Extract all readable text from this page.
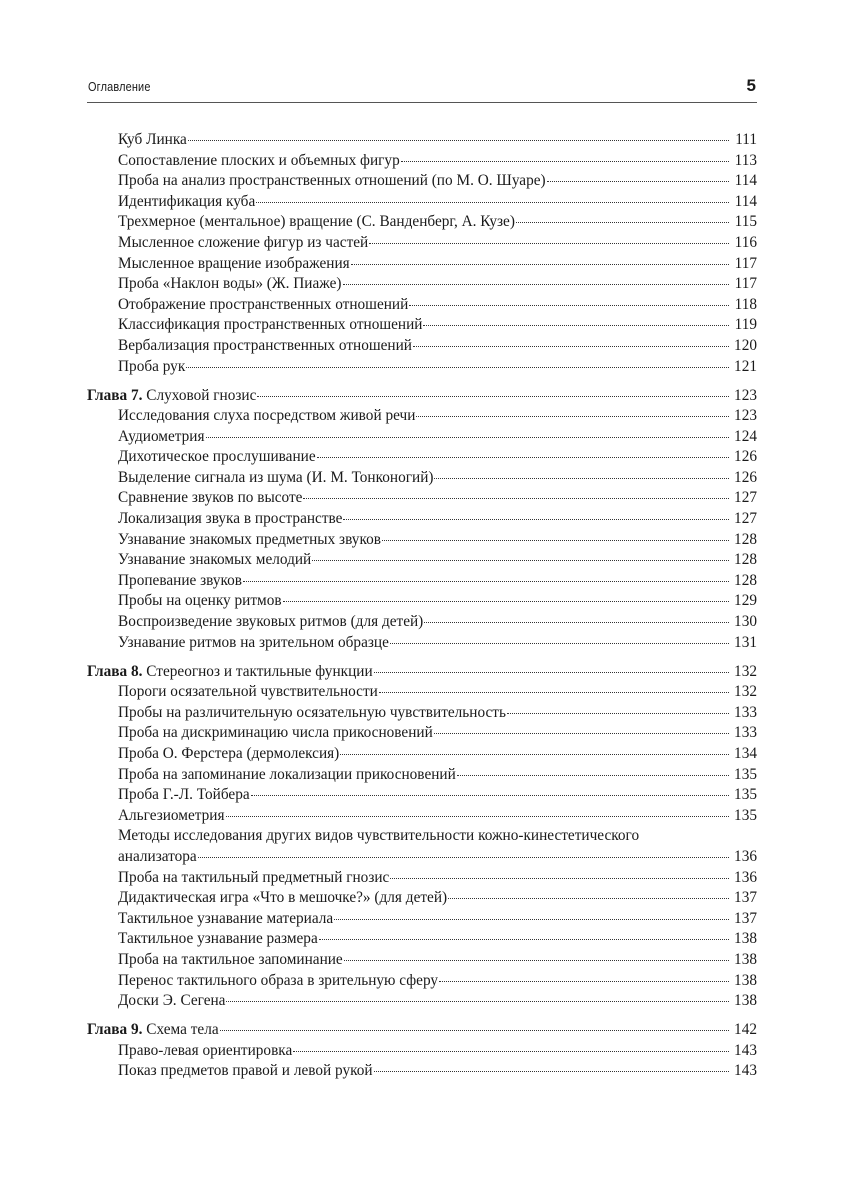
Оглавление	5
Куб Линка	111
Сопоставление плоских и объемных фигур	113
Проба на анализ пространственных отношений (по М. О. Шуаре)	114
Идентификация куба	114
Трехмерное (ментальное) вращение (С. Ванденберг, А. Кузе)	115
Мысленное сложение фигур из частей	116
Мысленное вращение изображения	117
Проба «Наклон воды» (Ж. Пиаже)	117
Отображение пространственных отношений	118
Классификация пространственных отношений	119
Вербализация пространственных отношений	120
Проба рук	121
Глава 7. Слуховой гнозис	123
Исследования слуха посредством живой речи	123
Аудиометрия	124
Дихотическое прослушивание	126
Выделение сигнала из шума (И. М. Тонконогий)	126
Сравнение звуков по высоте	127
Локализация звука в пространстве	127
Узнавание знакомых предметных звуков	128
Узнавание знакомых мелодий	128
Пропевание звуков	128
Пробы на оценку ритмов	129
Воспроизведение звуковых ритмов (для детей)	130
Узнавание ритмов на зрительном образце	131
Глава 8. Стереогноз и тактильные функции	132
Пороги осязательной чувствительности	132
Пробы на различительную осязательную чувствительность	133
Проба на дискриминацию числа прикосновений	133
Проба О. Ферстера (дермолексия)	134
Проба на запоминание локализации прикосновений	135
Проба Г.-Л. Тойбера	135
Альгезиометрия	135
Методы исследования других видов чувствительности кожно-кинестетического
анализатора	136
Проба на тактильный предметный гнозис	136
Дидактическая игра «Что в мешочке?» (для детей)	137
Тактильное узнавание материала	137
Тактильное узнавание размера	138
Проба на тактильное запоминание	138
Перенос тактильного образа в зрительную сферу	138
Доски Э. Сегена	138
Глава 9. Схема тела	142
Право-левая ориентировка	143
Показ предметов правой и левой рукой	143
